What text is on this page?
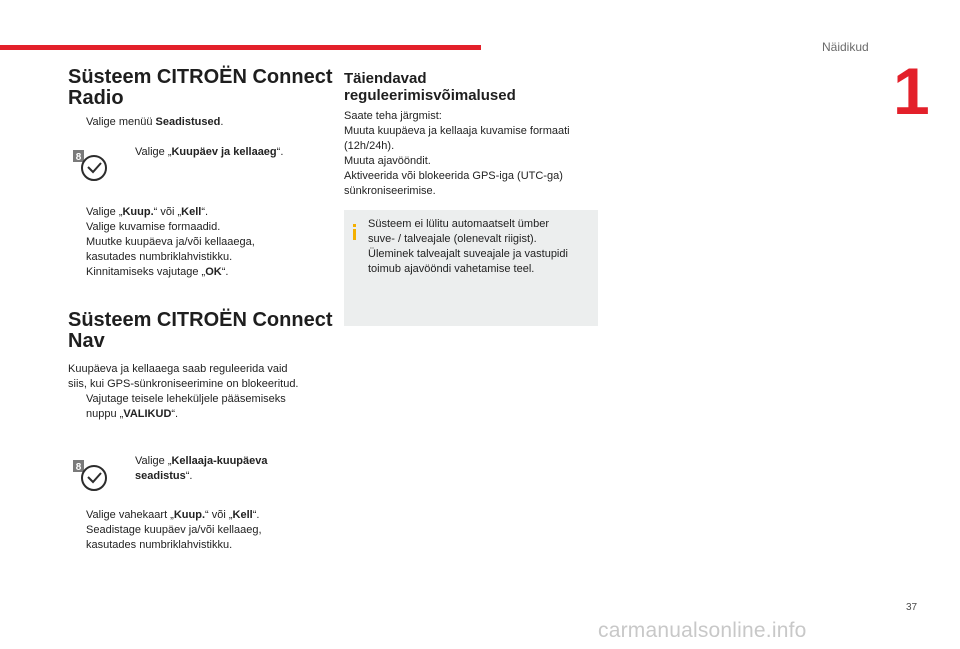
Näidikud
1
Süsteem CITROËN Connect Radio
Valige menüü Seadistused.
8	Valige „Kuupäev ja kellaaeg“.
Valige „Kuup.“ või „Kell“.
Valige kuvamise formaadid.
Muutke kuupäeva ja/või kellaaega,
kasutades numbriklahvistikku.
Kinnitamiseks vajutage „OK“.
Süsteem CITROËN Connect Nav
Kuupäeva ja kellaaega saab reguleerida vaid
siis, kui GPS-sünkroniseerimine on blokeeritud.
Vajutage teisele leheküljele pääsemiseks
nuppu „VALIKUD“.
8
Valige „Kellaaja-kuupäeva
seadistus“.
Valige vahekaart „Kuup.“ või „Kell“.
Seadistage kuupäev ja/või kellaaeg,
kasutades numbriklahvistikku.
Täiendavad
reguleerimisvõimalused
Saate teha järgmist:
Muuta kuupäeva ja kellaaja kuvamise formaati
(12h/24h).
Muuta ajavööndit.
Aktiveerida või blokeerida GPS-iga (UTC-ga)
sünkroniseerimise.
Süsteem ei lülitu automaatselt ümber
suve- / talveajale (olenevalt riigist).
Üleminek talveajalt suveajale ja vastupidi
toimub ajavööndi vahetamise teel.
37
carmanualsonline.info
